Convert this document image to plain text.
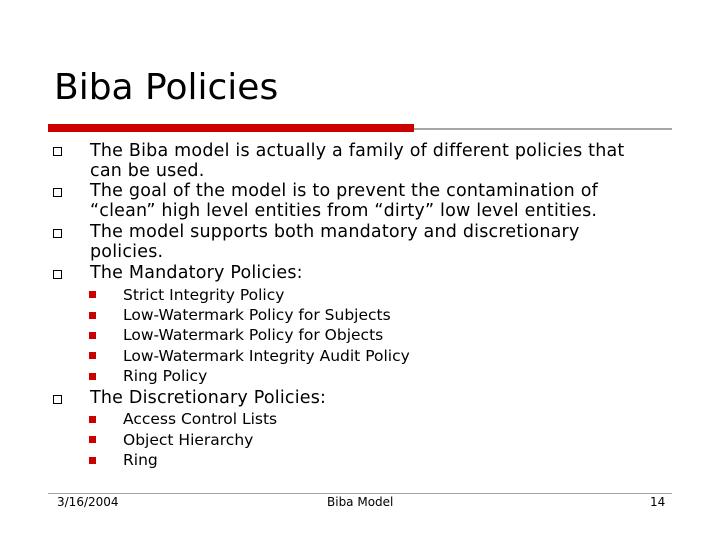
Biba Policies
The Biba model is actually a family of different policies that
can be used.
The goal of the model is to prevent the contamination of
“clean” high level entities from “dirty” low level entities.
The model supports both mandatory and discretionary
policies.
The Mandatory Policies:
Strict Integrity Policy
Low-Watermark Policy for Subjects
Low-Watermark Policy for Objects
Low-Watermark Integrity Audit Policy
Ring Policy
The Discretionary Policies:
Access Control Lists
Object Hierarchy
Ring
3/16/2004	Biba Model	14
